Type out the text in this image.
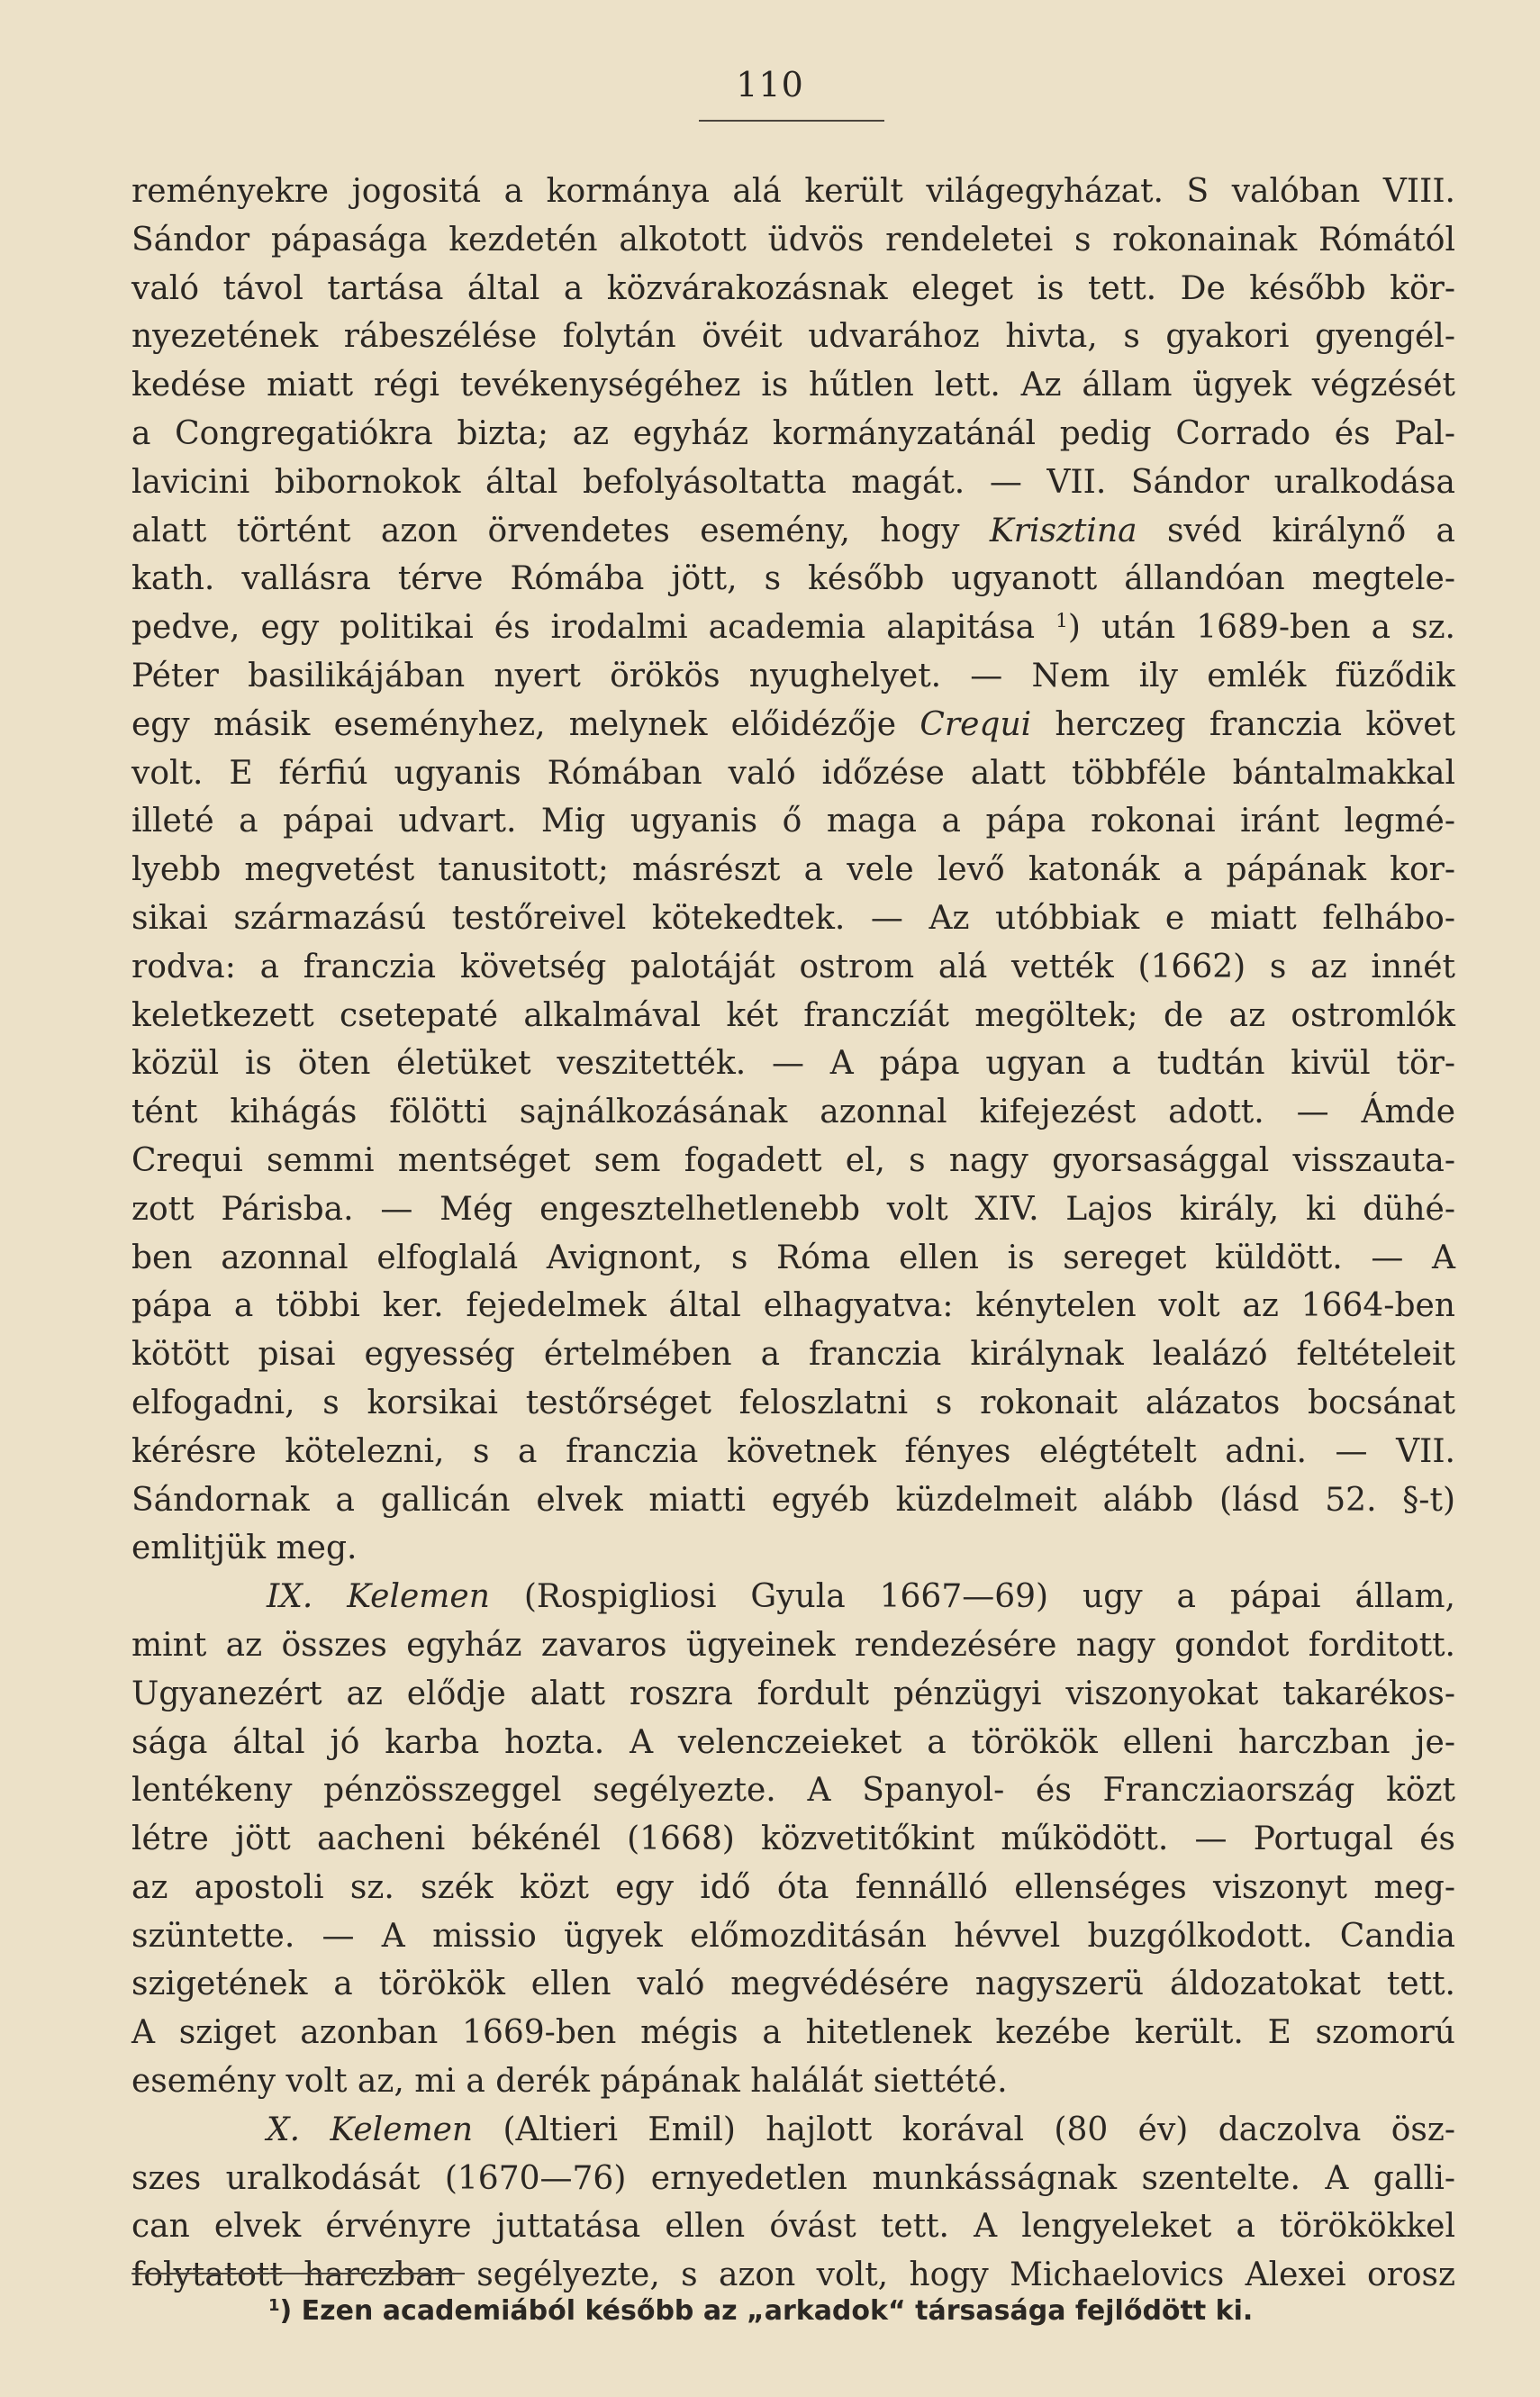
110
reményekre jogositá a kormánya alá került világegyházat. S valóban VIII.
Sándor pápasága kezdetén alkotott üdvös rendeletei s rokonainak Rómától
való távol tartása által a közvárakozásnak eleget is tett. De később kör-
nyezetének rábeszélése folytán övéit udvarához hivta, s gyakori gyengél-
kedése miatt régi tevékenységéhez is hűtlen lett. Az állam ügyek végzését
a Congregatiókra bizta; az egyház kormányzatánál pedig Corrado és Pal-
lavicini bibornokok által befolyásoltatta magát. — VII. Sándor uralkodása
alatt történt azon örvendetes esemény, hogy Krisztina svéd királynő a
kath. vallásra térve Rómába jött, s később ugyanott állandóan megtele-
pedve, egy politikai és irodalmi academia alapitása $^1$) után 1689-ben a sz.
Péter basilikájában nyert örökös nyughelyet. — Nem ily emlék füződik
egy másik eseményhez, melynek előidézője Crequi herczeg franczia követ
volt. E férfiú ugyanis Rómában való időzése alatt többféle bántalmakkal
illeté a pápai udvart. Mig ugyanis ő maga a pápa rokonai iránt legmé-
lyebb megvetést tanusitott; másrészt a vele levő katonák a pápának kor-
sikai származású testőreivel kötekedtek. — Az utóbbiak e miatt felhábo-
rodva: a franczia követség palotáját ostrom alá vették (1662) s az innét
keletkezett csetepaté alkalmával két franczíát megöltek; de az ostromlók
közül is öten életüket veszitették. — A pápa ugyan a tudtán kivül tör-
tént kihágás fölötti sajnálkozásának azonnal kifejezést adott. — Ámde
Crequi semmi mentséget sem fogadett el, s nagy gyorsasággal visszauta-
zott Párisba. — Még engesztelhetlenebb volt XIV. Lajos király, ki dühé-
ben azonnal elfoglalá Avignont, s Róma ellen is sereget küldött. — A
pápa a többi ker. fejedelmek által elhagyatva: kénytelen volt az 1664-ben
kötött pisai egyesség értelmében a franczia királynak lealázó feltételeit
elfogadni, s korsikai testőrséget feloszlatni s rokonait alázatos bocsánat
kérésre kötelezni, s a franczia követnek fényes elégtételt adni. — VII.
Sándornak a gallicán elvek miatti egyéb küzdelmeit alább (lásd 52. §-t)
emlitjük meg.
IX. Kelemen (Rospigliosi Gyula 1667—69) ugy a pápai állam,
mint az összes egyház zavaros ügyeinek rendezésére nagy gondot forditott.
Ugyanezért az elődje alatt roszra fordult pénzügyi viszonyokat takarékos-
sága által jó karba hozta. A velenczeieket a törökök elleni harczban je-
lentékeny pénzösszeggel segélyezte. A Spanyol- és Francziaország közt
létre jött aacheni békénél (1668) közvetitőkint működött. — Portugal és
az apostoli sz. szék közt egy idő óta fennálló ellenséges viszonyt meg-
szüntette. — A missio ügyek előmozditásán hévvel buzgólkodott. Candia
szigetének a törökök ellen való megvédésére nagyszerü áldozatokat tett.
A sziget azonban 1669-ben mégis a hitetlenek kezébe került. E szomorú
esemény volt az, mi a derék pápának halálát siettété.
X. Kelemen (Altieri Emil) hajlott korával (80 év) daczolva ösz-
szes uralkodását (1670—76) ernyedetlen munkásságnak szentelte. A galli-
can elvek érvényre juttatása ellen óvást tett. A lengyeleket a törökökkel
folytatott harczban segélyezte, s azon volt, hogy Michaelovics Alexei orosz
$^1$) Ezen academiából később az „arkadok“ társasága fejlődött ki.
